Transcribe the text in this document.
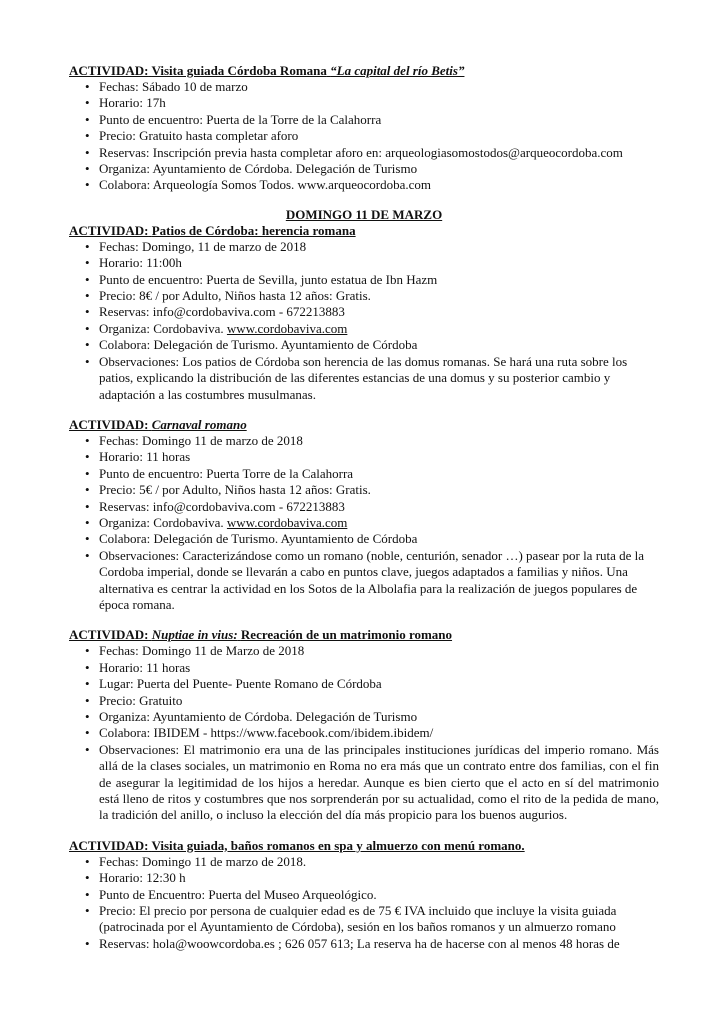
ACTIVIDAD: Visita guiada Córdoba Romana “La capital del río Betis”
• Fechas: Sábado 10 de marzo
• Horario: 17h
• Punto de encuentro: Puerta de la Torre de la Calahorra
• Precio: Gratuito hasta completar aforo
• Reservas: Inscripción previa hasta completar aforo en: arqueologiasomostodos@arqueocordoba.com
• Organiza: Ayuntamiento de Córdoba. Delegación de Turismo
• Colabora: Arqueología Somos Todos. www.arqueocordoba.com
DOMINGO 11 DE MARZO
ACTIVIDAD: Patios de Córdoba: herencia romana
• Fechas: Domingo, 11 de marzo de 2018
• Horario: 11:00h
• Punto de encuentro: Puerta de Sevilla, junto estatua de Ibn Hazm
• Precio: 8€ / por Adulto, Niños hasta 12 años: Gratis.
• Reservas: info@cordobaviva.com - 672213883
• Organiza: Cordobaviva. www.cordobaviva.com
• Colabora: Delegación de Turismo. Ayuntamiento de Córdoba
• Observaciones: Los patios de Córdoba son herencia de las domus romanas. Se hará una ruta sobre los patios, explicando la distribución de las diferentes estancias de una domus y su posterior cambio y adaptación a las costumbres musulmanas.
ACTIVIDAD: Carnaval romano
• Fechas: Domingo 11 de marzo de 2018
• Horario: 11 horas
• Punto de encuentro: Puerta Torre de la Calahorra
• Precio: 5€ / por Adulto, Niños hasta 12 años: Gratis.
• Reservas: info@cordobaviva.com - 672213883
• Organiza: Cordobaviva. www.cordobaviva.com
• Colabora: Delegación de Turismo. Ayuntamiento de Córdoba
• Observaciones: Caracterizándose como un romano (noble, centurión, senador …) pasear por la ruta de la Cordoba imperial, donde se llevarán a cabo en puntos clave, juegos adaptados a familias y niños. Una alternativa es centrar la actividad en los Sotos de la Albolafia para la realización de juegos populares de época romana.
ACTIVIDAD: Nuptiae in vius: Recreación de un matrimonio romano
• Fechas: Domingo 11 de Marzo de 2018
• Horario: 11 horas
• Lugar: Puerta del Puente- Puente Romano de Córdoba
• Precio: Gratuito
• Organiza: Ayuntamiento de Córdoba. Delegación de Turismo
• Colabora: IBIDEM - https://www.facebook.com/ibidem.ibidem/
• Observaciones: El matrimonio era una de las principales instituciones jurídicas del imperio romano. Más allá de la clases sociales, un matrimonio en Roma no era más que un contrato entre dos familias, con el fin de asegurar la legitimidad de los hijos a heredar. Aunque es bien cierto que el acto en sí del matrimonio está lleno de ritos y costumbres que nos sorprenderán por su actualidad, como el rito de la pedida de mano, la tradición del anillo, o incluso la elección del día más propicio para los buenos augurios.
ACTIVIDAD: Visita guiada, baños romanos en spa y almuerzo con menú romano.
• Fechas: Domingo 11 de marzo de 2018.
• Horario: 12:30 h
• Punto de Encuentro: Puerta del Museo Arqueológico.
• Precio: El precio por persona de cualquier edad es de 75 € IVA incluido que incluye la visita guiada (patrocinada por el Ayuntamiento de Córdoba), sesión en los baños romanos y un almuerzo romano
• Reservas: hola@woowcordoba.es ; 626 057 613; La reserva ha de hacerse con al menos 48 horas de
